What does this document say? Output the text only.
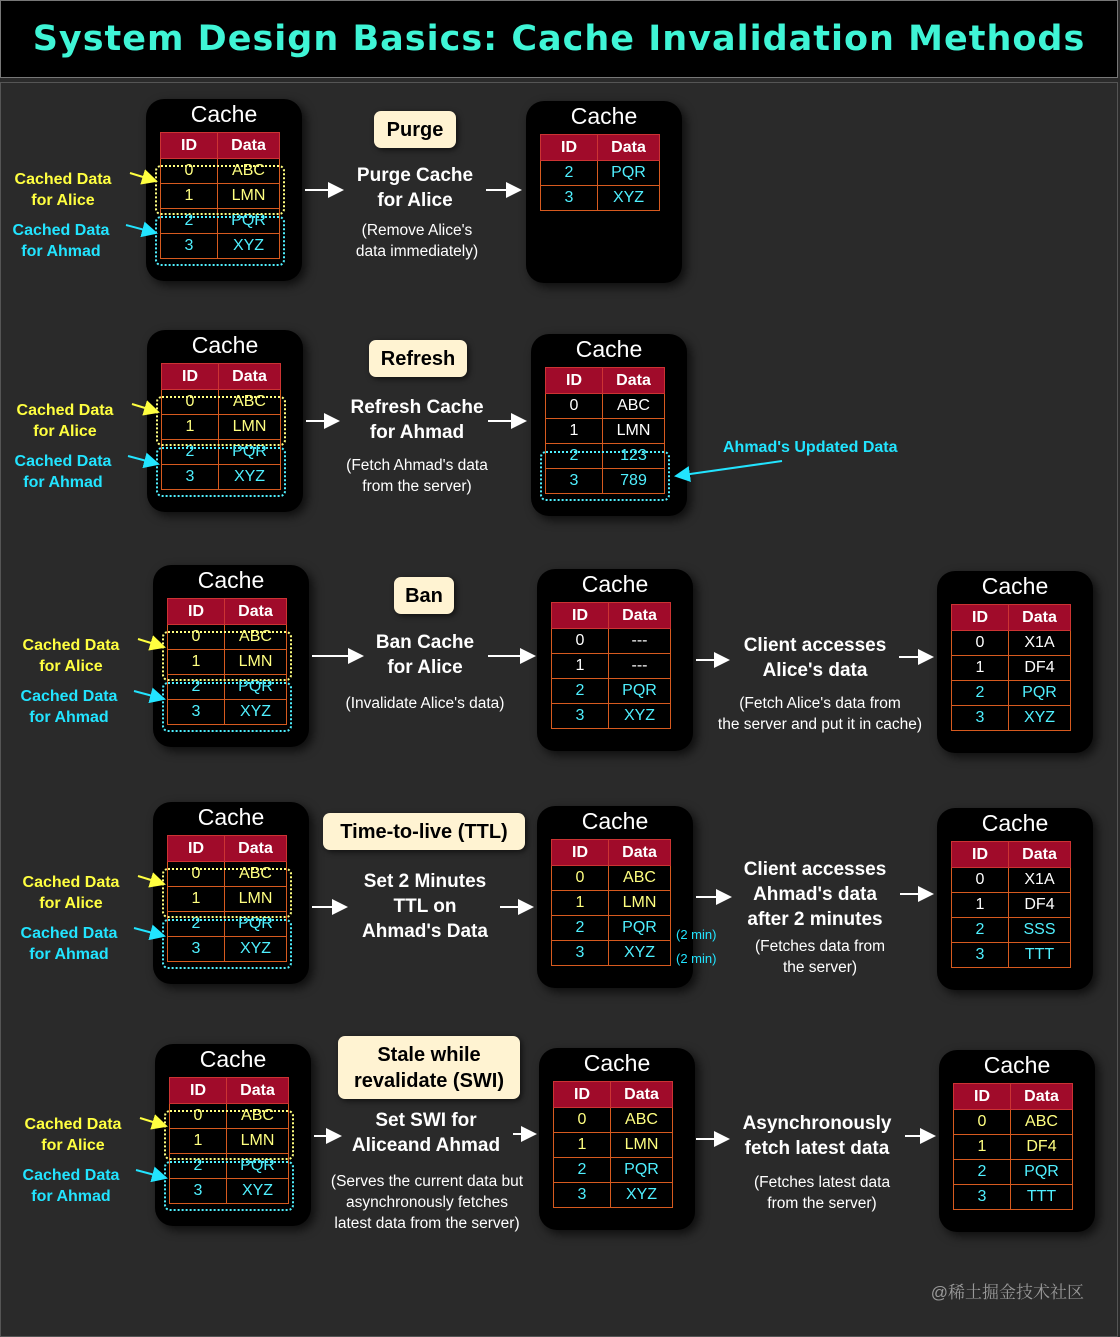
System Design Basics: Cache Invalidation Methods
Cache
ID	Data
0	ABC
1	LMN
2	PQR
3	XYZ
Cached Data
for Alice
Cached Data
for Ahmad
Purge
Purge Cache
for Alice
(Remove Alice's
data immediately)
Cache
ID	Data
2	PQR
3	XYZ
Cache
ID	Data
0	ABC
1	LMN
2	PQR
3	XYZ
Cached Data
for Alice
Cached Data
for Ahmad
Refresh
Refresh Cache
for Ahmad
(Fetch Ahmad's data
from the server)
Cache
ID	Data
0	ABC
1	LMN
2	123
3	789
Ahmad's Updated Data
Cache
ID	Data
0	ABC
1	LMN
2	PQR
3	XYZ
Cached Data
for Alice
Cached Data
for Ahmad
Ban
Ban Cache
for Alice
(Invalidate Alice's data)
Cache
ID	Data
0	---
1	---
2	PQR
3	XYZ
Client accesses
Alice's data
(Fetch Alice's data from
the server and put it in cache)
Cache
ID	Data
0	X1A
1	DF4
2	PQR
3	XYZ
Cache
ID	Data
0	ABC
1	LMN
2	PQR
3	XYZ
Cached Data
for Alice
Cached Data
for Ahmad
Time-to-live (TTL)
Set 2 Minutes
TTL on
Ahmad's Data
Cache
ID	Data
0	ABC
1	LMN
2	PQR
3	XYZ
(2 min)
(2 min)
Client accesses
Ahmad's data
after 2 minutes
(Fetches data from
the server)
Cache
ID	Data
0	X1A
1	DF4
2	SSS
3	TTT
Cache
ID	Data
0	ABC
1	LMN
2	PQR
3	XYZ
Cached Data
for Alice
Cached Data
for Ahmad
Stale while
revalidate (SWI)
Set SWI for
Aliceand Ahmad
(Serves the current data but
asynchronously fetches
latest data from the server)
Cache
ID	Data
0	ABC
1	LMN
2	PQR
3	XYZ
Asynchronously
fetch latest data
(Fetches latest data
from the server)
Cache
ID	Data
0	ABC
1	DF4
2	PQR
3	TTT
@稀土掘金技术社区
